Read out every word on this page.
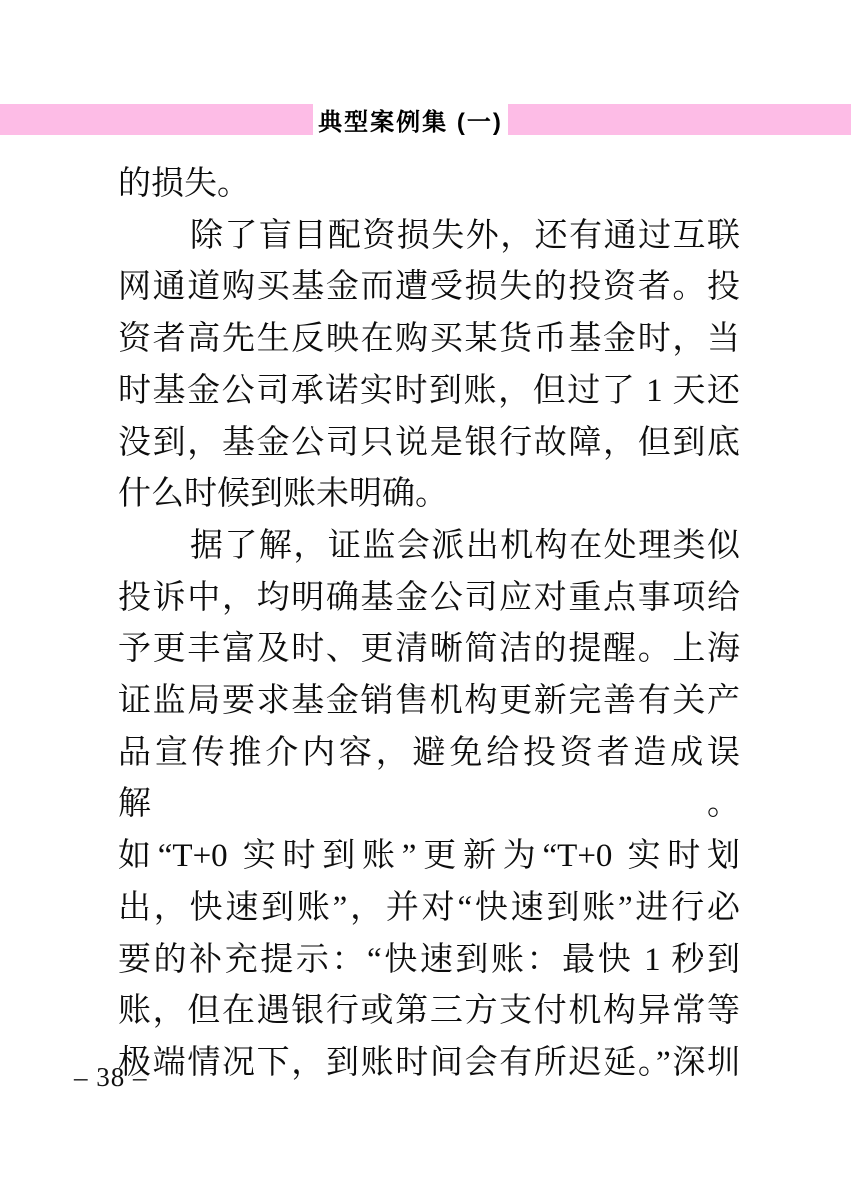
典型案例集 (一)

的损失。

除了盲目配资损失外，还有通过互联

网通道购买基金而遭受损失的投资者。投

资者高先生反映在购买某货币基金时，当

时基金公司承诺实时到账，但过了 1 天还

没到，基金公司只说是银行故障，但到底

什么时候到账未明确。

据了解，证监会派出机构在处理类似

投诉中，均明确基金公司应对重点事项给

予更丰富及时、更清晰简洁的提醒。上海

证监局要求基金销售机构更新完善有关产

品宣传推介内容，避免给投资者造成误解。

如“T+0 实时到账”更新为“T+0 实时划

出，快速到账”，并对“快速到账”进行必

要的补充提示：“快速到账：最快 1 秒到

账，但在遇银行或第三方支付机构异常等

极端情况下，到账时间会有所迟延。”深圳

– 38 –
